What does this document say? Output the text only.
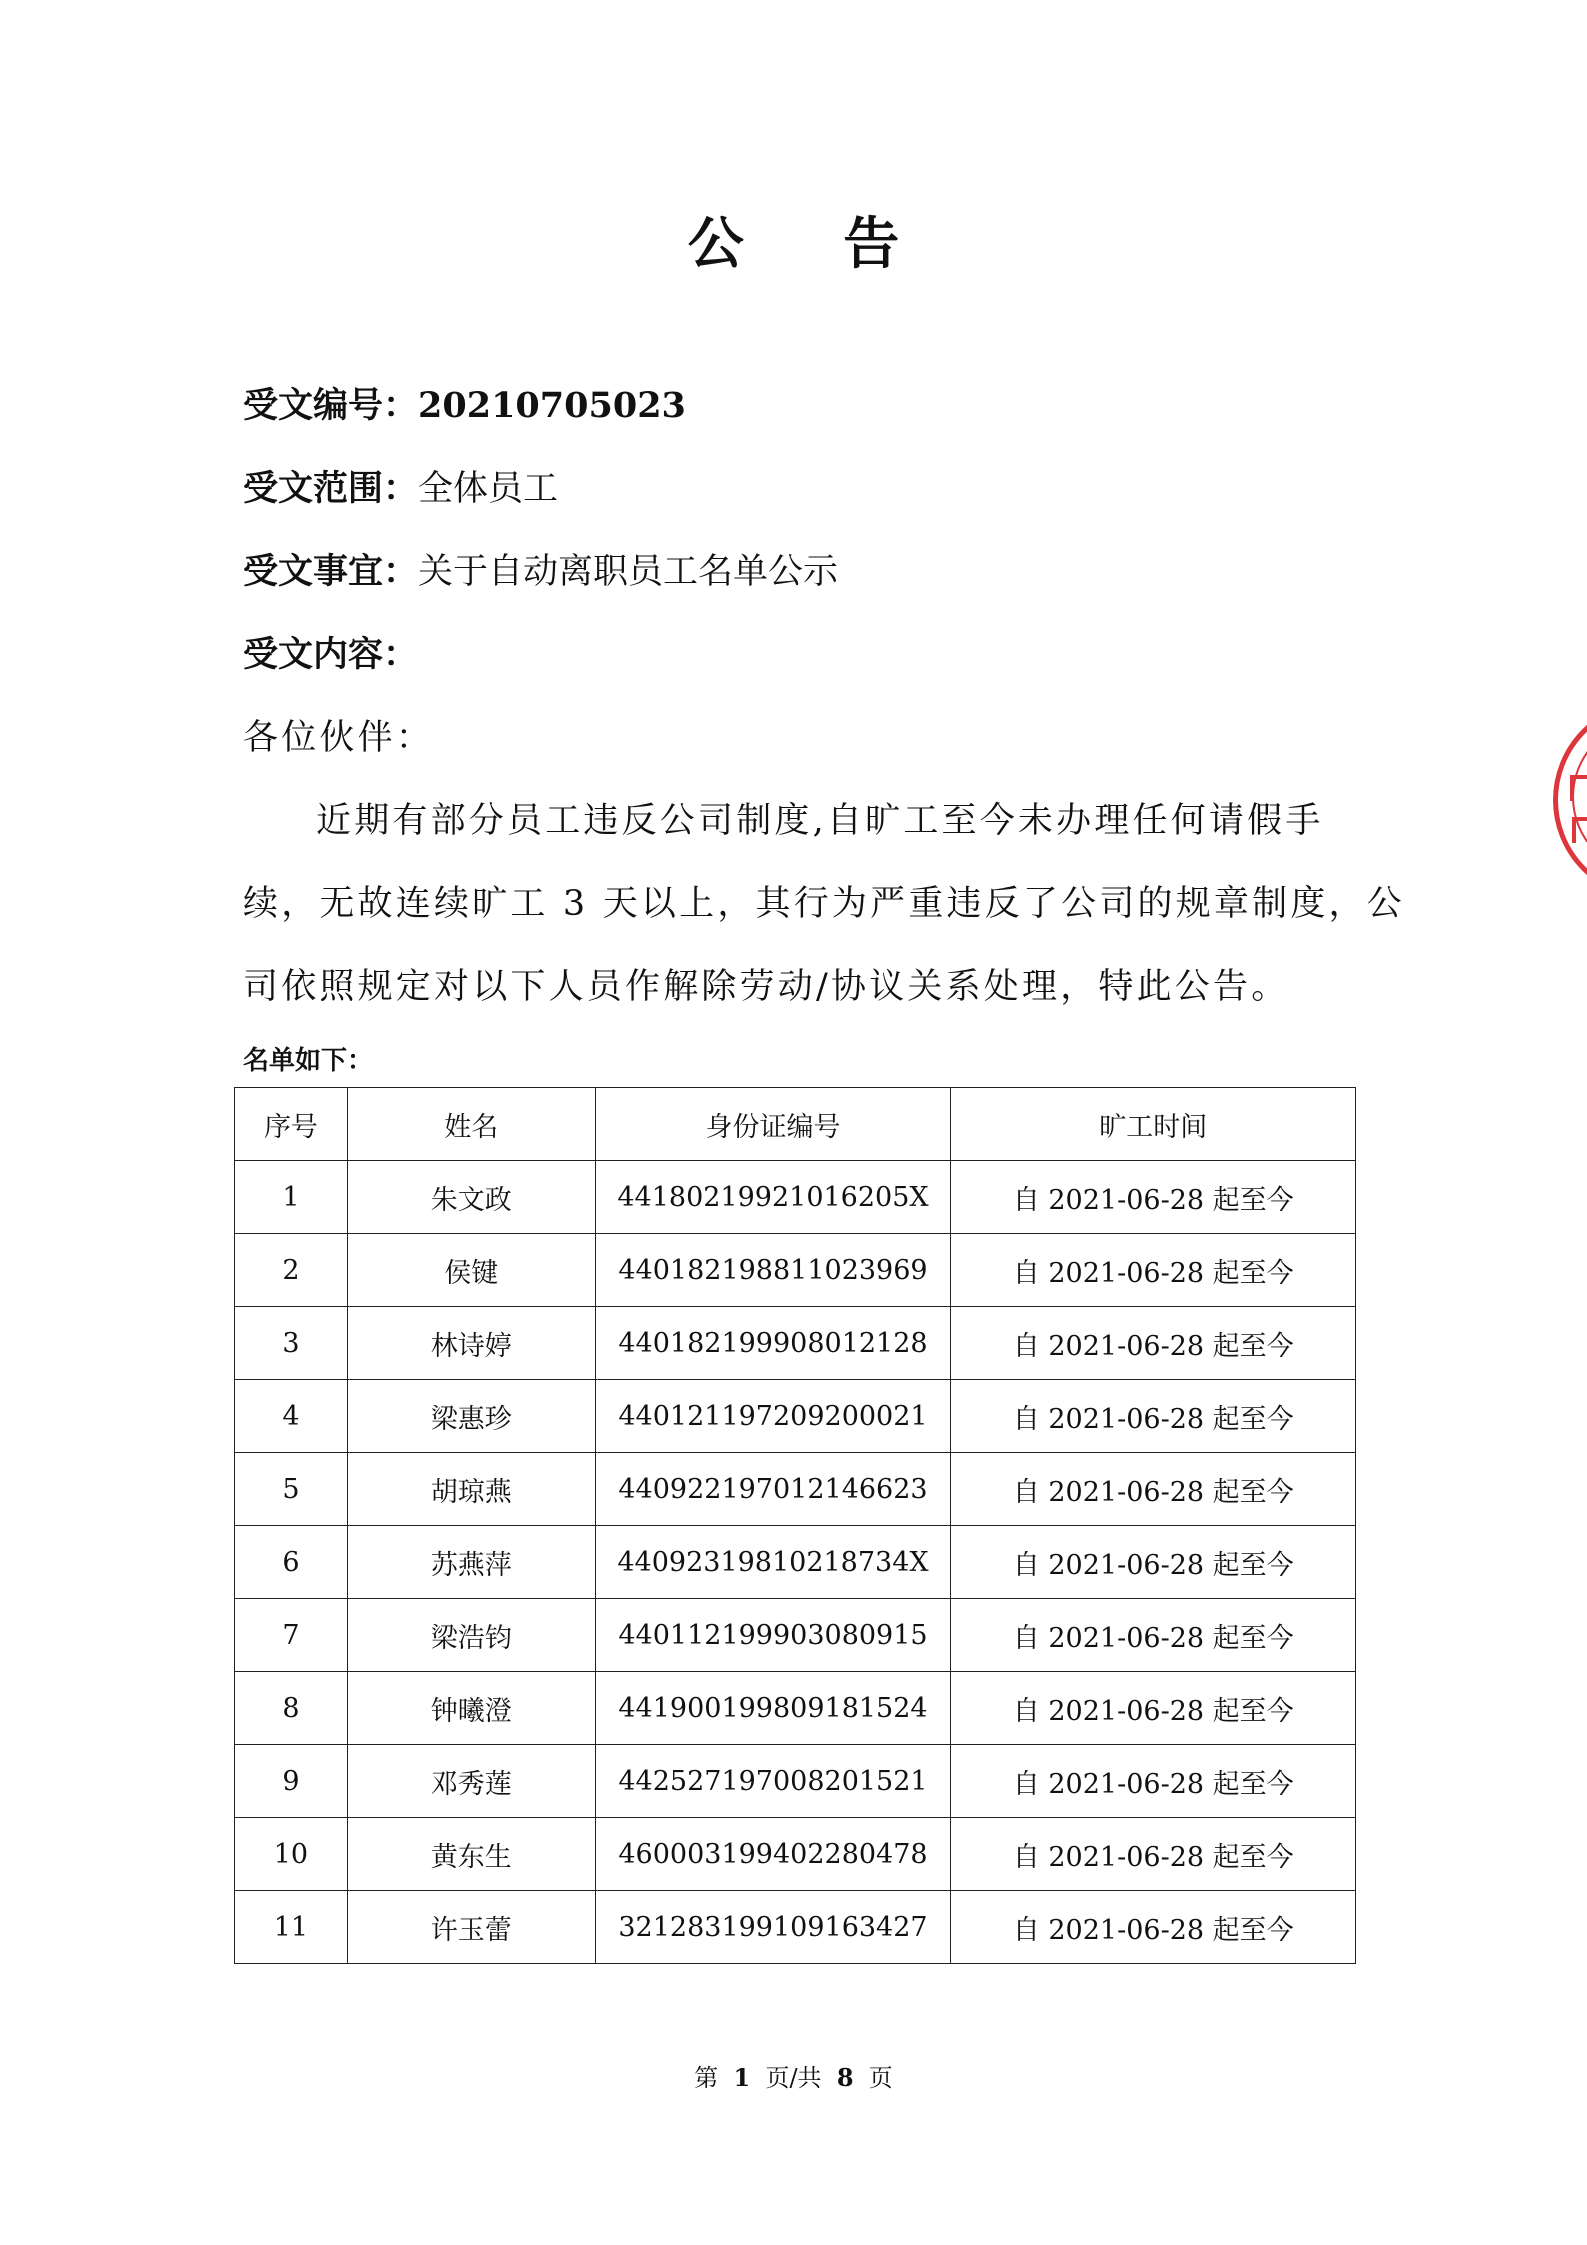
公 告
受文编号：20210705023
受文范围：全体员工
受文事宜：关于自动离职员工名单公示
受文内容：
各位伙伴：
近期有部分员工违反公司制度,自旷工至今未办理任何请假手
续，无故连续旷工 3 天以上，其行为严重违反了公司的规章制度，公
司依照规定对以下人员作解除劳动/协议关系处理，特此公告。
名单如下：
序号	姓名	身份证编号	旷工时间
1	朱文政	44180219921016205X	自 2021-06-28 起至今
2	侯键	440182198811023969	自 2021-06-28 起至今
3	林诗婷	440182199908012128	自 2021-06-28 起至今
4	梁惠珍	440121197209200021	自 2021-06-28 起至今
5	胡琼燕	440922197012146623	自 2021-06-28 起至今
6	苏燕萍	44092319810218734X	自 2021-06-28 起至今
7	梁浩钧	440112199903080915	自 2021-06-28 起至今
8	钟曦澄	441900199809181524	自 2021-06-28 起至今
9	邓秀莲	442527197008201521	自 2021-06-28 起至今
10	黄东生	460003199402280478	自 2021-06-28 起至今
11	许玉蕾	321283199109163427	自 2021-06-28 起至今
第 1 页/共 8 页
